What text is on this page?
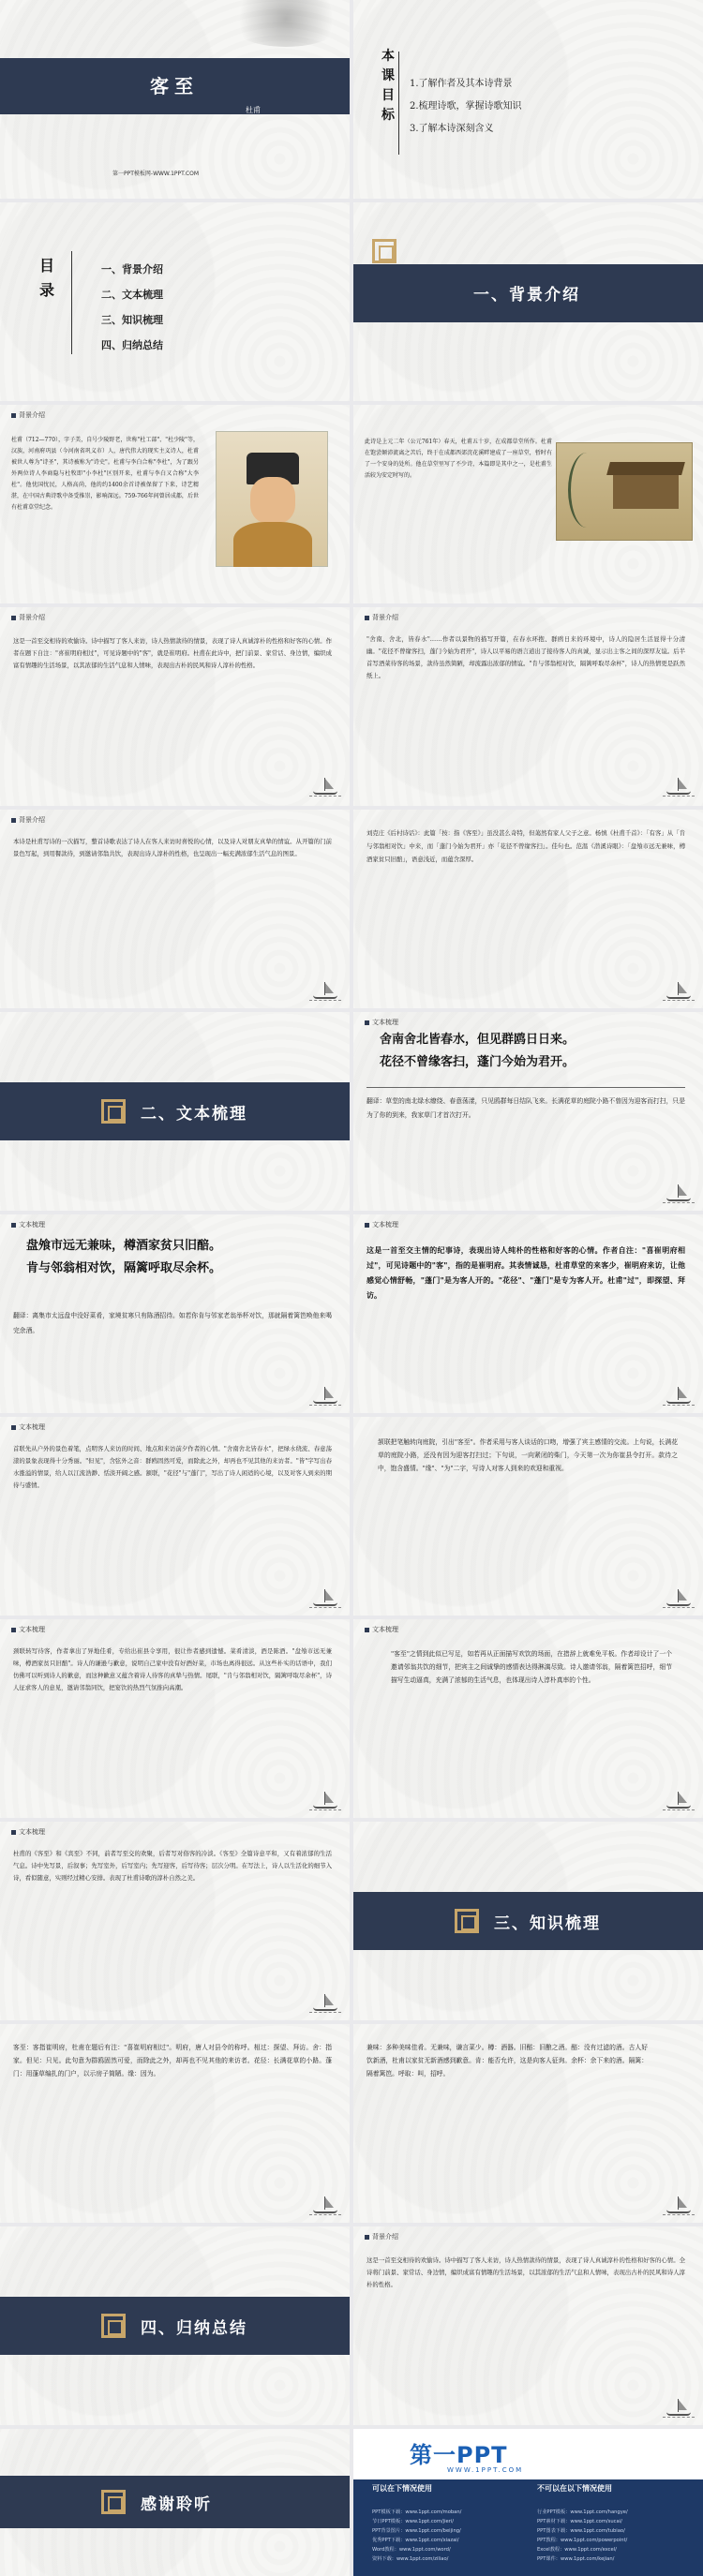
客至
杜甫
第一PPT模板网-WWW.1PPT.COM
本课目标
1.了解作者及其本诗背景
2.梳理诗歌，掌握诗歌知识
3.了解本诗深刻含义
目录
一、背景介绍
二、文本梳理
三、知识梳理
四、归纳总结
一、背景介绍
背景介绍
杜甫（712—770），字子美，自号少陵野老，世称"杜工部"、"杜少陵"等，汉族，河南府巩县（今河南省巩义市）人，唐代伟大的现实主义诗人，杜甫被世人尊为"诗圣"，其诗被称为"诗史"。杜甫与李白合称"李杜"，为了跟另外两位诗人李商隐与杜牧即"小李杜"区别开来，杜甫与李白又合称"大李杜"。他忧国忧民，人格高尚，他的约1400余首诗被保留了下来，诗艺精湛，在中国古典诗歌中备受推崇，影响深远。759-766年间曾居成都，后世有杜甫草堂纪念。
此诗是上元二年（公元761年）春天，杜甫五十岁，在成都草堂所作。杜甫在饱尝颠沛流离之苦后，终于在成都西郊浣花溪畔建成了一座草堂，暂时有了一个安身的处所。他在草堂里写了不少诗，本篇即是其中之一，是杜甫生活较为安定时写的。
背景介绍
这是一首至交相待的欢愉诗。诗中描写了客人来访，诗人热情款待的情景，表现了诗人真诚淳朴的性格和好客的心情。作者在题下自注："喜崔明府相过"，可见诗题中的"客"，就是崔明府。杜甫在此诗中，把门前景、家常话、身边情，编织成富有情趣的生活场景，以其浓郁的生活气息和人情味，表现出古朴的民风和诗人淳朴的性格。
背景介绍
"舍南、舍北，皆春水"……作者以景物的描写开篇，在春水环抱、群鸥日来的环境中，诗人的隐居生活显得十分清幽。"花径不曾缘客扫，蓬门今始为君开"，诗人以平易的语言道出了接待客人的真诚，显示出主客之间的深厚友谊。后半首写酒菜待客的场景，款待虽然简陋，却流露出浓郁的情谊。"肯与邻翁相对饮，隔篱呼取尽余杯"，诗人的热情更是跃然纸上。
背景介绍
本诗是杜甫写诗的一次描写，整首诗歌表达了诗人在客人来访时喜悦的心情，以及诗人对朋友真挚的情谊。从开篇的门前景色写起，到用餐款待，到邀请邻翁共饮，表现出诗人淳朴的性格，也呈现出一幅充满浓郁生活气息的图景。
刘克庄《后村诗话》：此篇「按：指《客至》」虽没甚么奇特，但蔼然有家人父子之意。杨慎《杜甫千首》：「有客」从「肯与邻翁相对饮」中来，而「蓬门今始为君开」亦「花径不曾缘客扫」。佳句也。范温《潜溪诗眼》：「盘飧市远无兼味，樽酒家贫只旧醅」，语意浅近，而蕴含深厚。
二、文本梳理
文本梳理
舍南舍北皆春水，但见群鸥日日来。
花径不曾缘客扫，蓬门今始为君开。
翻译：草堂的南北绿水缭绕、春意荡漾，只见鸥群每日结队飞来。长满花草的庭院小路不曾因为迎客而打扫，只是为了你的到来，我家草门才首次打开。
文本梳理
盘飧市远无兼味，樽酒家贫只旧醅。
肯与邻翁相对饮，隔篱呼取尽余杯。
翻译：离集市太远盘中没好菜肴，家境贫寒只有陈酒招待。如若你肯与邻家老翁举杯对饮，那就隔着篱笆唤他来喝完余酒。
文本梳理
这是一首至交主情的纪事诗，表现出诗人纯朴的性格和好客的心情。作者自注："喜崔明府相过"，可见诗题中的"客"，指的是崔明府。其表情诚恳，杜甫草堂的来客少，崔明府来访，让他感觉心情舒畅，"蓬门"是为客人开的。"花径"、"蓬门"是专为客人开。杜甫"过"，即探望、拜访。
文本梳理
首联先从户外的景色着笔，点明客人来访的时间、地点和来访前夕作者的心情。"舍南舍北皆春水"，把绿水绕流、春意荡漾的景象表现得十分秀丽。"但见"，含弦外之音：群鸥固然可爱，而除此之外，却再也不见其他的来访者。"皆"字写出春水涨溢的情景，给人以江流浩渺、恬淡开阔之感。颔联，"花径"与"蓬门"，写出了诗人闲适的心境，以及对客人到来的期待与盛情。
颔联把笔触转向庭院，引出"客至"。作者采用与客人谈话的口吻，增强了宾主感情的交流。上句说，长满花草的庭院小路，还没有因为迎客打扫过；下句说，一向紧闭的柴门，今天第一次为你崔县令打开。款待之中，饱含盛情。"缘"、"为"二字，写诗人对客人到来的欢迎和重视。
文本梳理
颈联转写待客，作者拿出了异地佳肴，专给出崔县令享用，很让作者感到遗憾。菜肴清淡，酒是陈酒。"盘飧市远无兼味，樽酒家贫只旧醅"。诗人的谦逊与歉意，说明自己家中没有好酒好菜，市场也离得很远。从这些朴实的话语中，我们仿佛可以听到诗人的歉意，而这种歉意又蕴含着诗人待客的真挚与热情。尾联，"肯与邻翁相对饮，隔篱呼取尽余杯"，诗人征求客人的意见，邀请邻翁同饮，把宴饮的热烈气氛推向高潮。
文本梳理
"客至"之情到此似已写足，如若再从正面描写欢饮的场面，在措辞上就难免平板。作者却设计了一个邀请邻翁共饮的细节，把宾主之间诚挚的感情表达得淋漓尽致。诗人邀请邻翁，隔着篱笆招呼，细节描写生动逼真，充满了浓郁的生活气息，也体现出诗人淳朴真率的个性。
文本梳理
杜甫的《客至》和《宾至》不同，前者写至交的欢聚，后者写对俗客的冷淡。《客至》全篇诗意平和，又有着浓郁的生活气息。诗中先写景，后叙事；先写室外，后写室内；先写迎客，后写待客；层次分明。在写法上，诗人以生活化的细节入诗，看似随意，实则经过精心安排。表现了杜甫诗歌的淳朴自然之美。
三、知识梳理
客至：客指崔明府，杜甫在题后有注："喜崔明府相过"。明府，唐人对县令的称呼。相过：探望、拜访。舍：指家。但见：只见。此句意为群鸥固然可爱，而除此之外，却再也不见其他的来访者。花径：长满花草的小路。蓬门：用蓬草编扎的门户，以示房子简陋。缘：因为。
兼味：多种美味佳肴。无兼味，谦言菜少。樽：酒器。旧醅：旧酿之酒。醅：没有过滤的酒。古人好饮新酒，杜甫以家贫无新酒感到歉意。肯：能否允许，这是向客人征询。余杯：余下来的酒。隔篱：隔着篱笆。呼取：叫，招呼。
四、归纳总结
背景介绍
这是一首至交相待的欢愉诗。诗中描写了客人来访，诗人热情款待的情景，表现了诗人真诚淳朴的性格和好客的心情。全诗将门前景、家常话、身边情，编织成富有情趣的生活场景，以其浓郁的生活气息和人情味，表现出古朴的民风和诗人淳朴的性格。
感谢聆听
第一PPT
WWW.1PPT.COM
可以在下情况使用	不可以在以下情况使用
PPT模板下载：www.1ppt.com/moban/
节日PPT模板：www.1ppt.com/jieri/
PPT背景图片：www.1ppt.com/beijing/
优秀PPT下载：www.1ppt.com/xiazai/
Word教程：www.1ppt.com/word/
资料下载：www.1ppt.com/ziliao/
行业PPT模板：www.1ppt.com/hangye/
PPT素材下载：www.1ppt.com/sucai/
PPT图表下载：www.1ppt.com/tubiao/
PPT教程：www.1ppt.com/powerpoint/
Excel教程：www.1ppt.com/excel/
PPT课件：www.1ppt.com/kejian/
